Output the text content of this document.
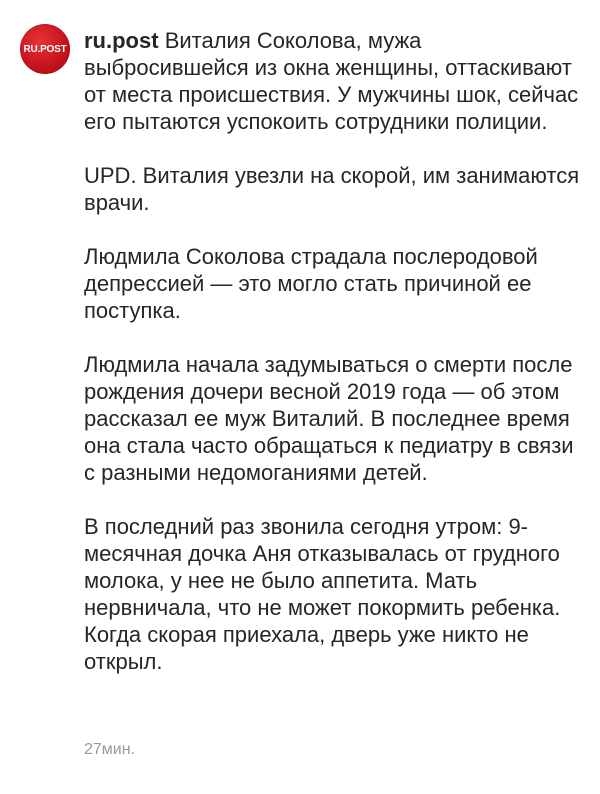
RU.POST ru.post Виталия Соколова, мужа выбросившейся из окна женщины, оттаскивают от места происшествия. У мужчины шок, сейчас его пытаются успокоить сотрудники полиции.

UPD. Виталия увезли на скорой, им занимаются врачи.

Людмила Соколова страдала послеродовой депрессией — это могло стать причиной ее поступка.

Людмила начала задумываться о смерти после рождения дочери весной 2019 года — об этом рассказал ее муж Виталий. В последнее время она стала часто обращаться к педиатру в связи с разными недомоганиями детей.

В последний раз звонила сегодня утром: 9-месячная дочка Аня отказывалась от грудного молока, у нее не было аппетита. Мать нервничала, что не может покормить ребенка. Когда скорая приехала, дверь уже никто не открыл.

27мин.
